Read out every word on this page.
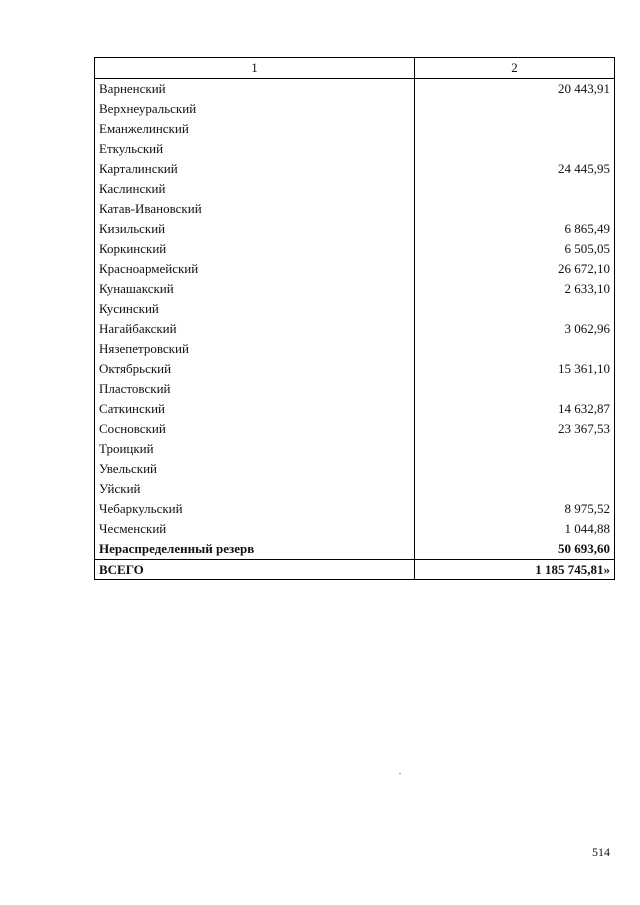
1	2
Варненский	20 443,91
Верхнеуральский
Еманжелинский
Еткульский
Карталинский	24 445,95
Каслинский
Катав-Ивановский
Кизильский	6 865,49
Коркинский	6 505,05
Красноармейский	26 672,10
Кунашакский	2 633,10
Кусинский
Нагайбакский	3 062,96
Нязепетровский
Октябрьский	15 361,10
Пластовский
Саткинский	14 632,87
Сосновский	23 367,53
Троицкий
Увельский
Уйский
Чебаркульский	8 975,52
Чесменский	1 044,88
Нераспределенный резерв	50 693,60
ВСЕГО	1 185 745,81»
514
